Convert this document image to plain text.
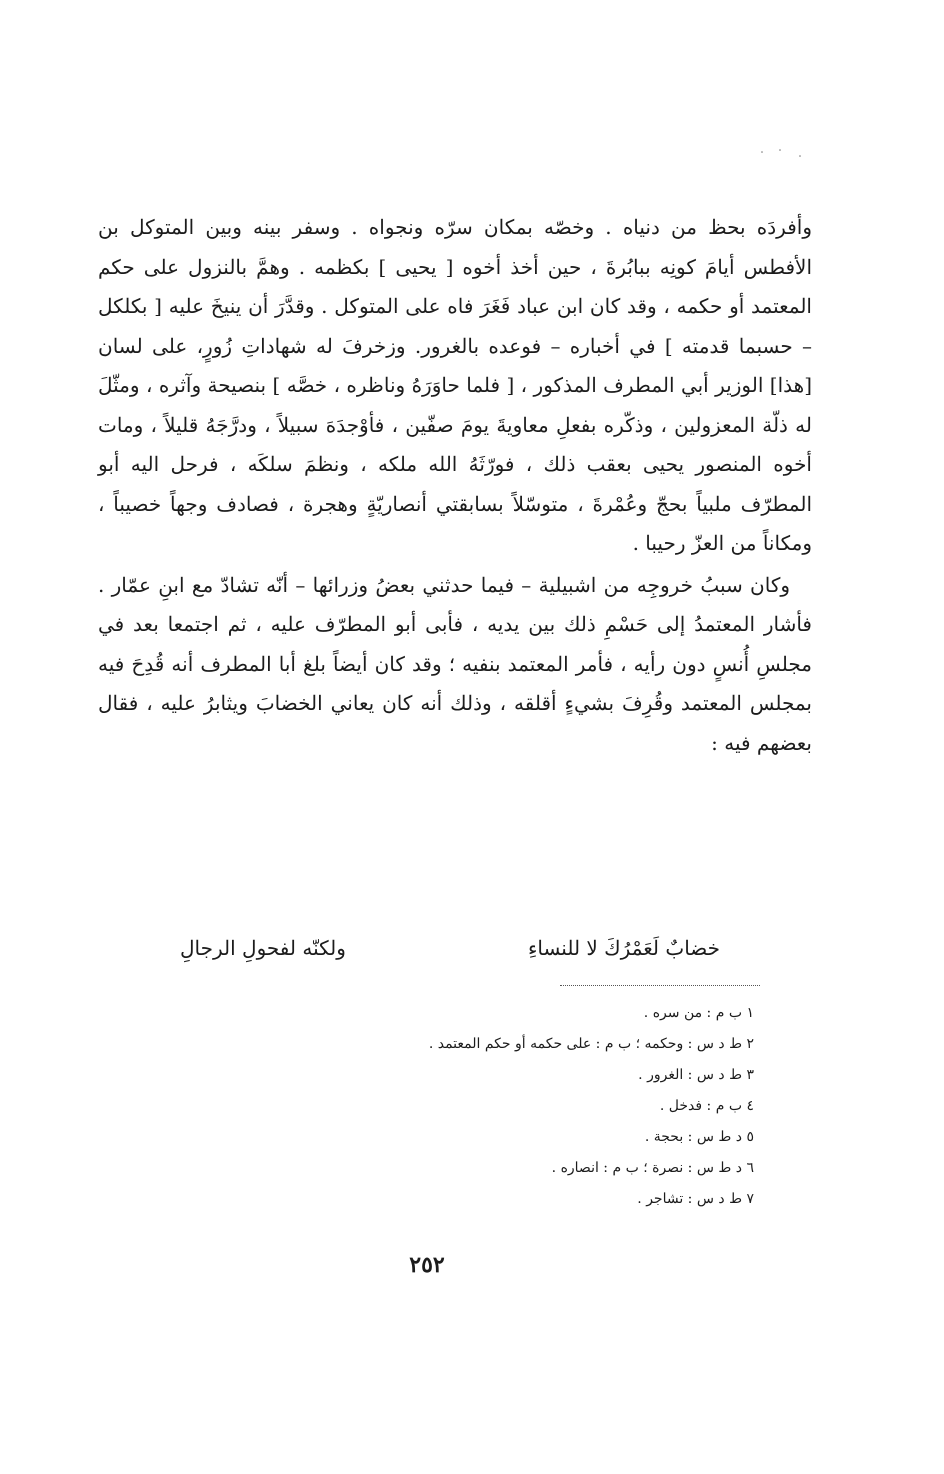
وأفردَه بحظ من دنياه . وخصّه بمكان سرّه ونجواه . وسفر بينه وبين المتوكل بن الأفطس أيامَ كونِه ببابُرةَ ، حين أخذ أخوه [ يحيى ] بكظمه . وهمَّ بالنزول على حكم المعتمد أو حكمه ، وقد كان ابن عباد فَغَرَ فاه على المتوكل . وقدَّرَ أن ينيخَ عليه [ بكلكل – حسبما قدمته ] في أخباره – فوعده بالغرور. وزخرفَ له شهاداتِ زُورٍ، على لسان [هذا] الوزير أبي المطرف المذكور ، [ فلما حاوَرَهُ وناظره ، خصَّه ] بنصيحة وآثره ، ومثّلَ له ذلّة المعزولين ، وذكّره بفعلِ معاويةَ يومَ صفّين ، فأوْجدَهَ سبيلاً ، ودرَّجَهُ قليلاً ، ومات أخوه المنصور يحيى بعقب ذلك ، فورّثَهُ الله ملكه ، ونظمَ سلكَه ، فرحل اليه أبو المطرّف ملبياً بحجّ وعُمْرةَ ، متوسّلاً بسابقتي أنصاريّةٍ وهجرة ، فصادف وجهاً خصيباً ، ومكاناً من العزّ رحيبا .

وكان سببُ خروجِه من اشبيلية – فيما حدثني بعضُ وزرائها – أنّه تشادّ مع ابنِ عمّار . فأشار المعتمدُ إلى حَسْمِ ذلك بين يديه ، فأبى أبو المطرّف عليه ، ثم اجتمعا بعد في مجلسِ أُنسٍ دون رأيه ، فأمر المعتمد بنفيه ؛ وقد كان أيضاً بلغ أبا المطرف أنه قُدِحَ فيه بمجلس المعتمد وقُرِفَ بشيءٍ أقلقه ، وذلك أنه كان يعاني الخضابَ ويثابرُ عليه ، فقال بعضهم فيه :

خضابٌ لَعَمْرُكَ لا للنساءِ
ولكنّه لفحولِ الرجالِ
١ ب م : من سره .
٢ ط د س : وحكمه ؛ ب م : على حكمه أو حكم المعتمد .
٣ ط د س : الغرور .
٤ ب م : فدخل .
٥ د ط س : بحجة .
٦ د ط س : نصرة ؛ ب م : انصاره .
٧ ط د س : تشاجر .
٢٥٢
